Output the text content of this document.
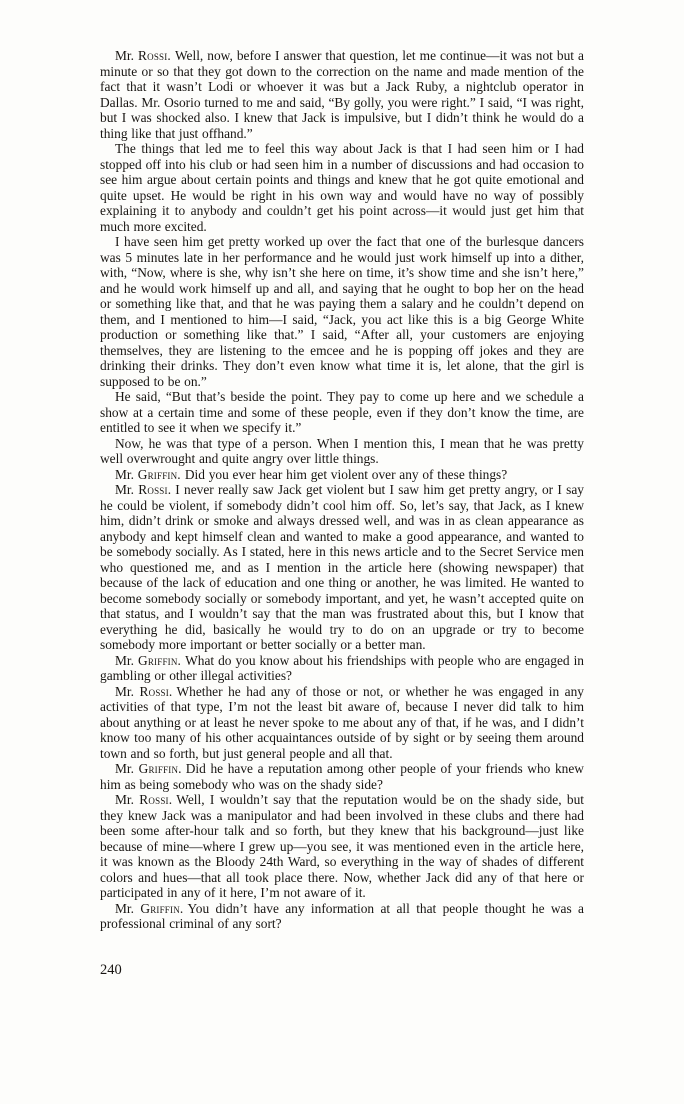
Mr. Rossi. Well, now, before I answer that question, let me continue—it was not but a minute or so that they got down to the correction on the name and made mention of the fact that it wasn’t Lodi or whoever it was but a Jack Ruby, a nightclub operator in Dallas. Mr. Osorio turned to me and said, “By golly, you were right.” I said, “I was right, but I was shocked also. I knew that Jack is impulsive, but I didn’t think he would do a thing like that just offhand.”

The things that led me to feel this way about Jack is that I had seen him or I had stopped off into his club or had seen him in a number of discussions and had occasion to see him argue about certain points and things and knew that he got quite emotional and quite upset. He would be right in his own way and would have no way of possibly explaining it to anybody and couldn’t get his point across—it would just get him that much more excited.

I have seen him get pretty worked up over the fact that one of the burlesque dancers was 5 minutes late in her performance and he would just work himself up into a dither, with, “Now, where is she, why isn’t she here on time, it’s show time and she isn’t here,” and he would work himself up and all, and saying that he ought to bop her on the head or something like that, and that he was paying them a salary and he couldn’t depend on them, and I mentioned to him—I said, “Jack, you act like this is a big George White production or something like that.” I said, “After all, your customers are enjoying themselves, they are listening to the emcee and he is popping off jokes and they are drinking their drinks. They don’t even know what time it is, let alone, that the girl is supposed to be on.”

He said, “But that’s beside the point. They pay to come up here and we schedule a show at a certain time and some of these people, even if they don’t know the time, are entitled to see it when we specify it.”

Now, he was that type of a person. When I mention this, I mean that he was pretty well overwrought and quite angry over little things.

Mr. Griffin. Did you ever hear him get violent over any of these things?

Mr. Rossi. I never really saw Jack get violent but I saw him get pretty angry, or I say he could be violent, if somebody didn’t cool him off. So, let’s say, that Jack, as I knew him, didn’t drink or smoke and always dressed well, and was in as clean appearance as anybody and kept himself clean and wanted to make a good appearance, and wanted to be somebody socially. As I stated, here in this news article and to the Secret Service men who questioned me, and as I mention in the article here (showing newspaper) that because of the lack of education and one thing or another, he was limited. He wanted to become somebody socially or somebody important, and yet, he wasn’t accepted quite on that status, and I wouldn’t say that the man was frustrated about this, but I know that everything he did, basically he would try to do on an upgrade or try to become somebody more important or better socially or a better man.

Mr. Griffin. What do you know about his friendships with people who are engaged in gambling or other illegal activities?

Mr. Rossi. Whether he had any of those or not, or whether he was engaged in any activities of that type, I’m not the least bit aware of, because I never did talk to him about anything or at least he never spoke to me about any of that, if he was, and I didn’t know too many of his other acquaintances outside of by sight or by seeing them around town and so forth, but just general people and all that.

Mr. Griffin. Did he have a reputation among other people of your friends who knew him as being somebody who was on the shady side?

Mr. Rossi. Well, I wouldn’t say that the reputation would be on the shady side, but they knew Jack was a manipulator and had been involved in these clubs and there had been some after-hour talk and so forth, but they knew that his background—just like because of mine—where I grew up—you see, it was mentioned even in the article here, it was known as the Bloody 24th Ward, so everything in the way of shades of different colors and hues—that all took place there. Now, whether Jack did any of that here or participated in any of it here, I’m not aware of it.

Mr. Griffin. You didn’t have any information at all that people thought he was a professional criminal of any sort?

240
